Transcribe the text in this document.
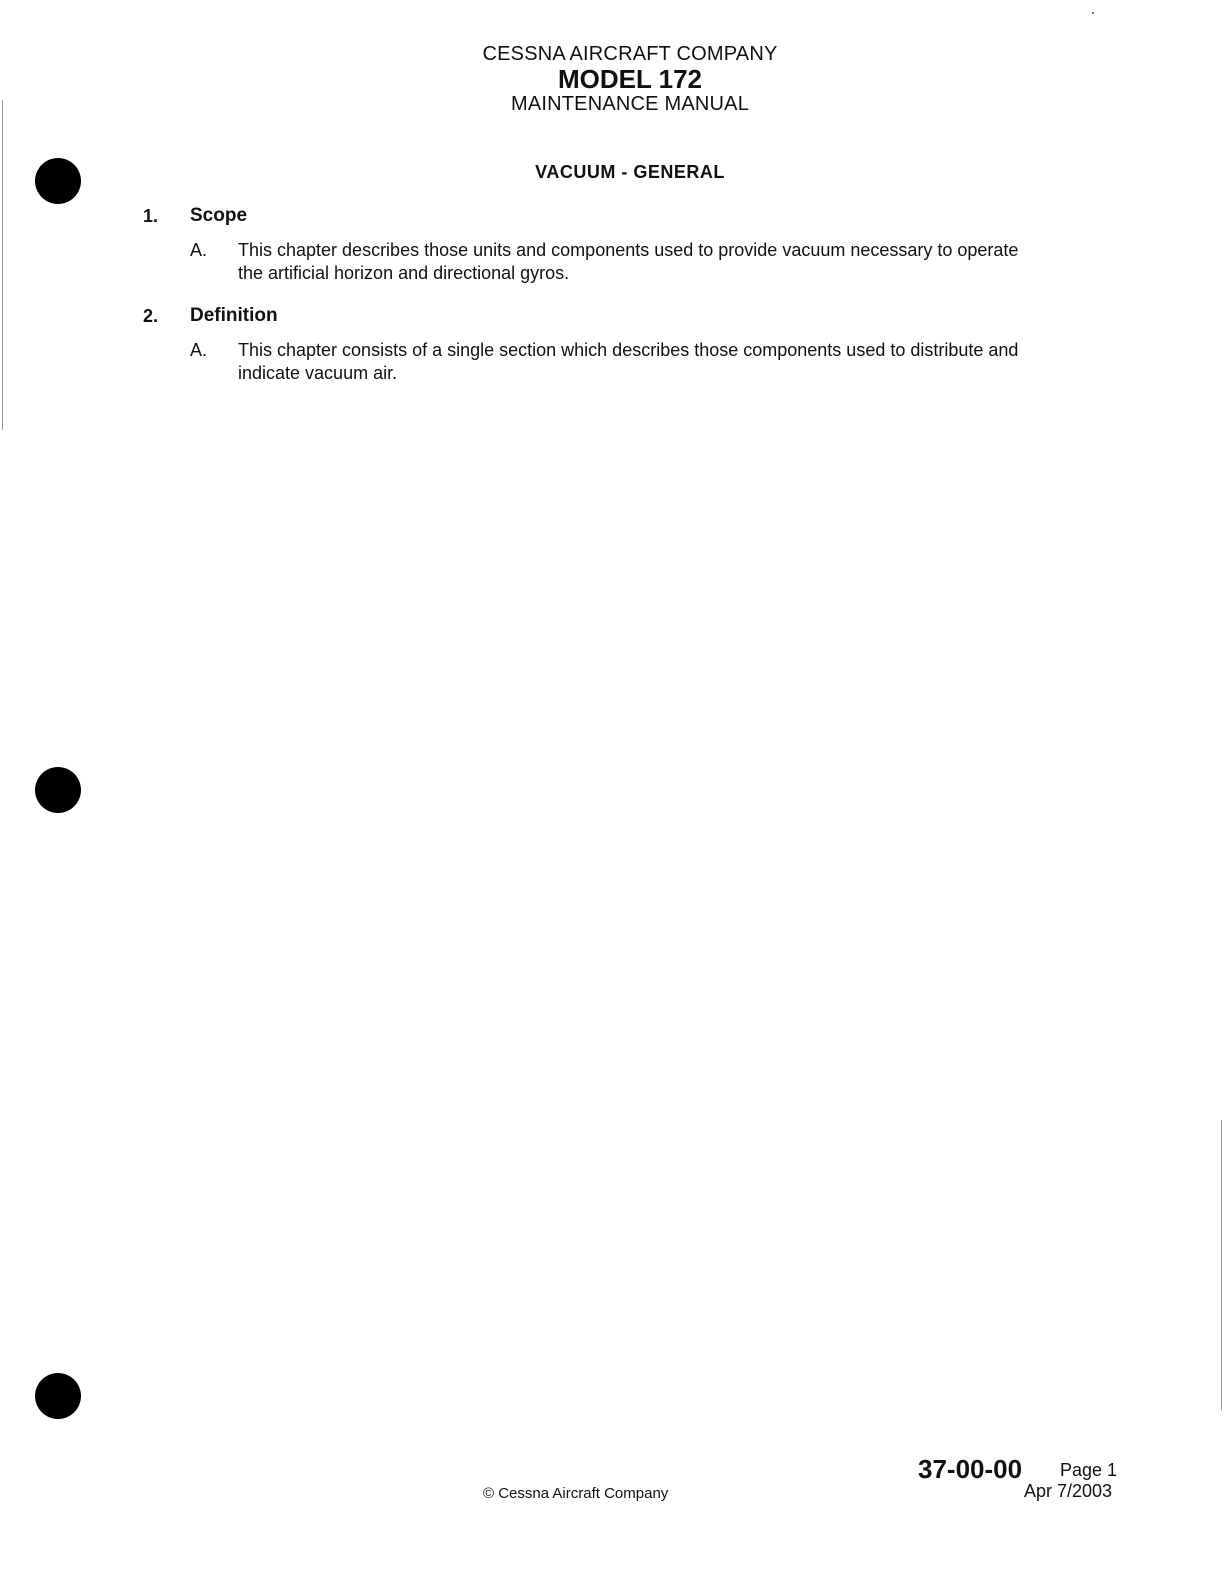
CESSNA AIRCRAFT COMPANY
MODEL 172
MAINTENANCE MANUAL
VACUUM - GENERAL
1. Scope
A. This chapter describes those units and components used to provide vacuum necessary to operate
the artificial horizon and directional gyros.
2. Definition
A. This chapter consists of a single section which describes those components used to distribute and
indicate vacuum air.
© Cessna Aircraft Company
37-00-00 Page 1
Apr 7/2003
